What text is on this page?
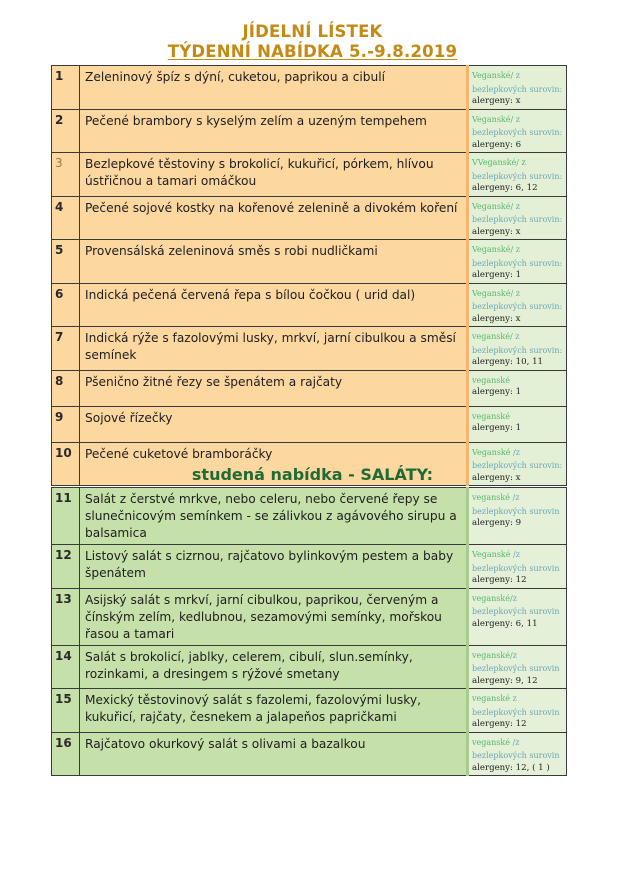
JÍDELNÍ LÍSTEK
TÝDENNÍ NABÍDKA 5.-9.8.2019
1	Zeleninový špíz s dýní, cuketou, paprikou a cibulí	Veganské/ z bezlepkových surovin:
alergeny: x

2	Pečené brambory s kyselým zelím a uzeným tempehem	Veganské/ z bezlepkových surovin:
alergeny: 6

3	Bezlepkové těstoviny s brokolicí, kukuřicí, pórkem, hlívou ústřičnou a tamari omáčkou	VVeganské/ z bezlepkových surovin:
alergeny: 6, 12

4	Pečené sojové kostky na kořenové zelenině a divokém koření	Veganské/ z bezlepkových surovin:
alergeny: x

5	Provensálská zeleninová směs s robi nudličkami	Veganské/ z bezlepkových surovin:
alergeny: 1

6	Indická pečená červená řepa s bílou čočkou ( urid dal)	Veganské/ z bezlepkových surovin:
alergeny: x

7	Indická rýže s fazolovými lusky, mrkví, jarní cibulkou a směsí semínek	veganské/ z bezlepkových surovin:
alergeny: 10, 11

8	Pšenično žitné řezy se špenátem a rajčaty	veganské
alergeny: 1

9	Sojové řízečky	veganské
alergeny: 1

10	Pečené cuketové bramboráčky	Veganské /z bezlepkových surovin:
alergeny: x
studená nabídka - SALÁTY:
11	Salát z čerstvé mrkve, nebo celeru, nebo červené řepy se slunečnicovým semínkem - se zálivkou z agávového sirupu a balsamica	veganské /z bezlepkových surovin
alergeny: 9

12	Listový salát s cizrnou, rajčatovo bylinkovým pestem a baby špenátem	Veganské /z bezlepkových surovin
alergeny: 12

13	Asijský salát s mrkví, jarní cibulkou, paprikou, červeným a čínským zelím, kedlubnou, sezamovými semínky, mořskou řasou a tamari	veganské/z bezlepkových surovin
alergeny: 6, 11

14	Salát s brokolicí, jablky, celerem, cibulí, slun.semínky, rozinkami, a dresingem s rýžové smetany	veganské/z bezlepkových surovin
alergeny: 9, 12

15	Mexický těstovinový salát s fazolemi, fazolovými lusky, kukuřicí, rajčaty, česnekem a jalapeňos papričkami	veganské z bezlepkových surovin
alergeny: 12

16	Rajčatovo okurkový salát s olivami a bazalkou	veganské /z bezlepkových surovin
alergeny: 12, ( 1 )
